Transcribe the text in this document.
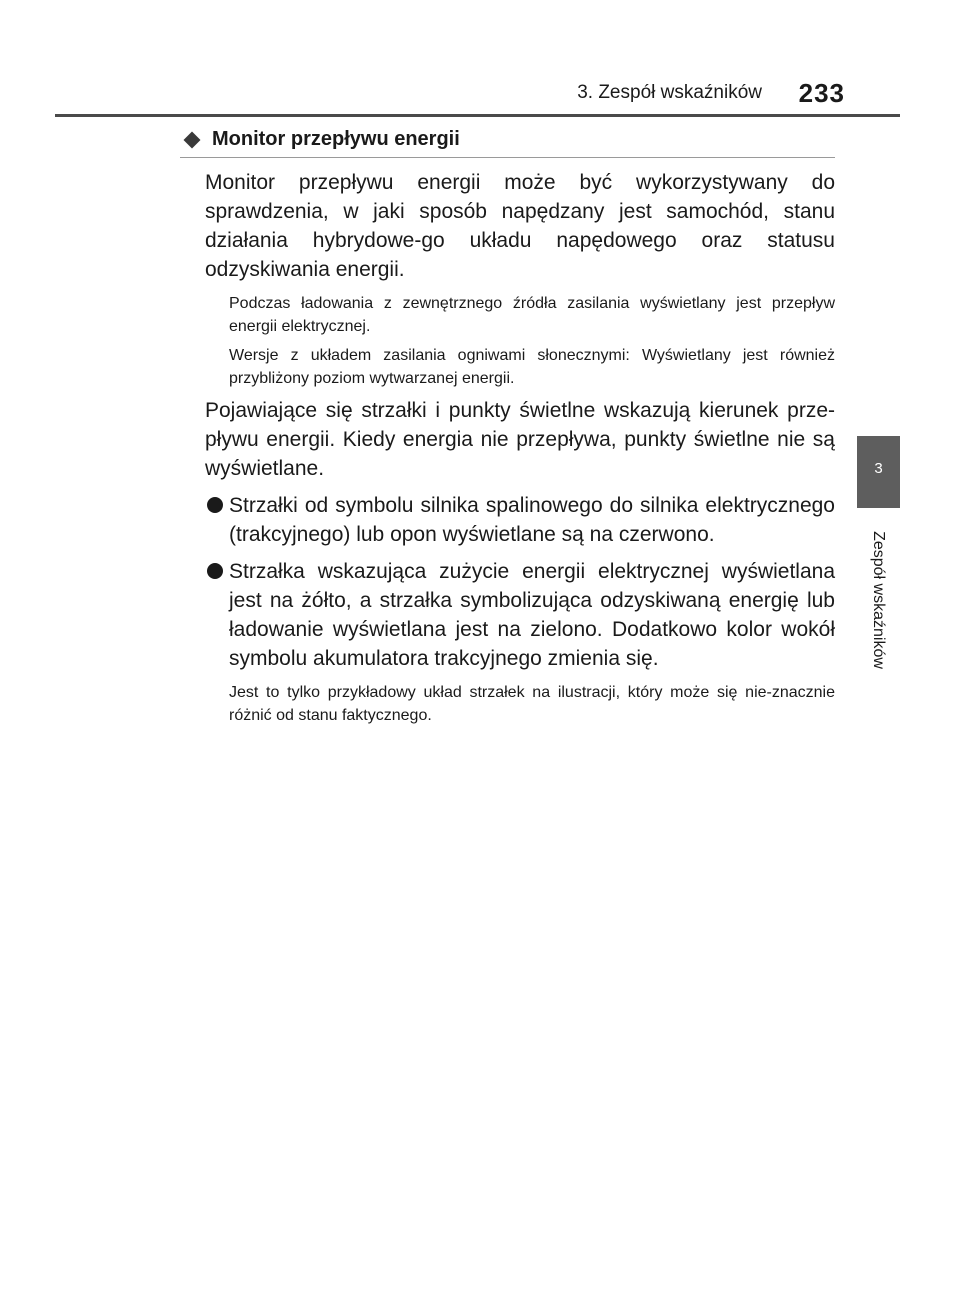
3. Zespół wskaźników 233
3
Zespół wskaźników
Monitor przepływu energii

Monitor przepływu energii może być wykorzystywany do sprawdzenia, w jaki sposób napędzany jest samochód, stanu działania hybrydowe-go układu napędowego oraz statusu odzyskiwania energii.

Podczas ładowania z zewnętrznego źródła zasilania wyświetlany jest przepływ energii elektrycznej.

Wersje z układem zasilania ogniwami słonecznymi: Wyświetlany jest również przybliżony poziom wytwarzanej energii.

Pojawiające się strzałki i punkty świetlne wskazują kierunek prze-pływu energii. Kiedy energia nie przepływa, punkty świetlne nie są wyświetlane.

Strzałki od symbolu silnika spalinowego do silnika elektrycznego (trakcyjnego) lub opon wyświetlane są na czerwono.
Strzałka wskazująca zużycie energii elektrycznej wyświetlana jest na żółto, a strzałka symbolizująca odzyskiwaną energię lub ładowanie wyświetlana jest na zielono. Dodatkowo kolor wokół symbolu akumulatora trakcyjnego zmienia się.

Jest to tylko przykładowy układ strzałek na ilustracji, który może się nie-znacznie różnić od stanu faktycznego.
